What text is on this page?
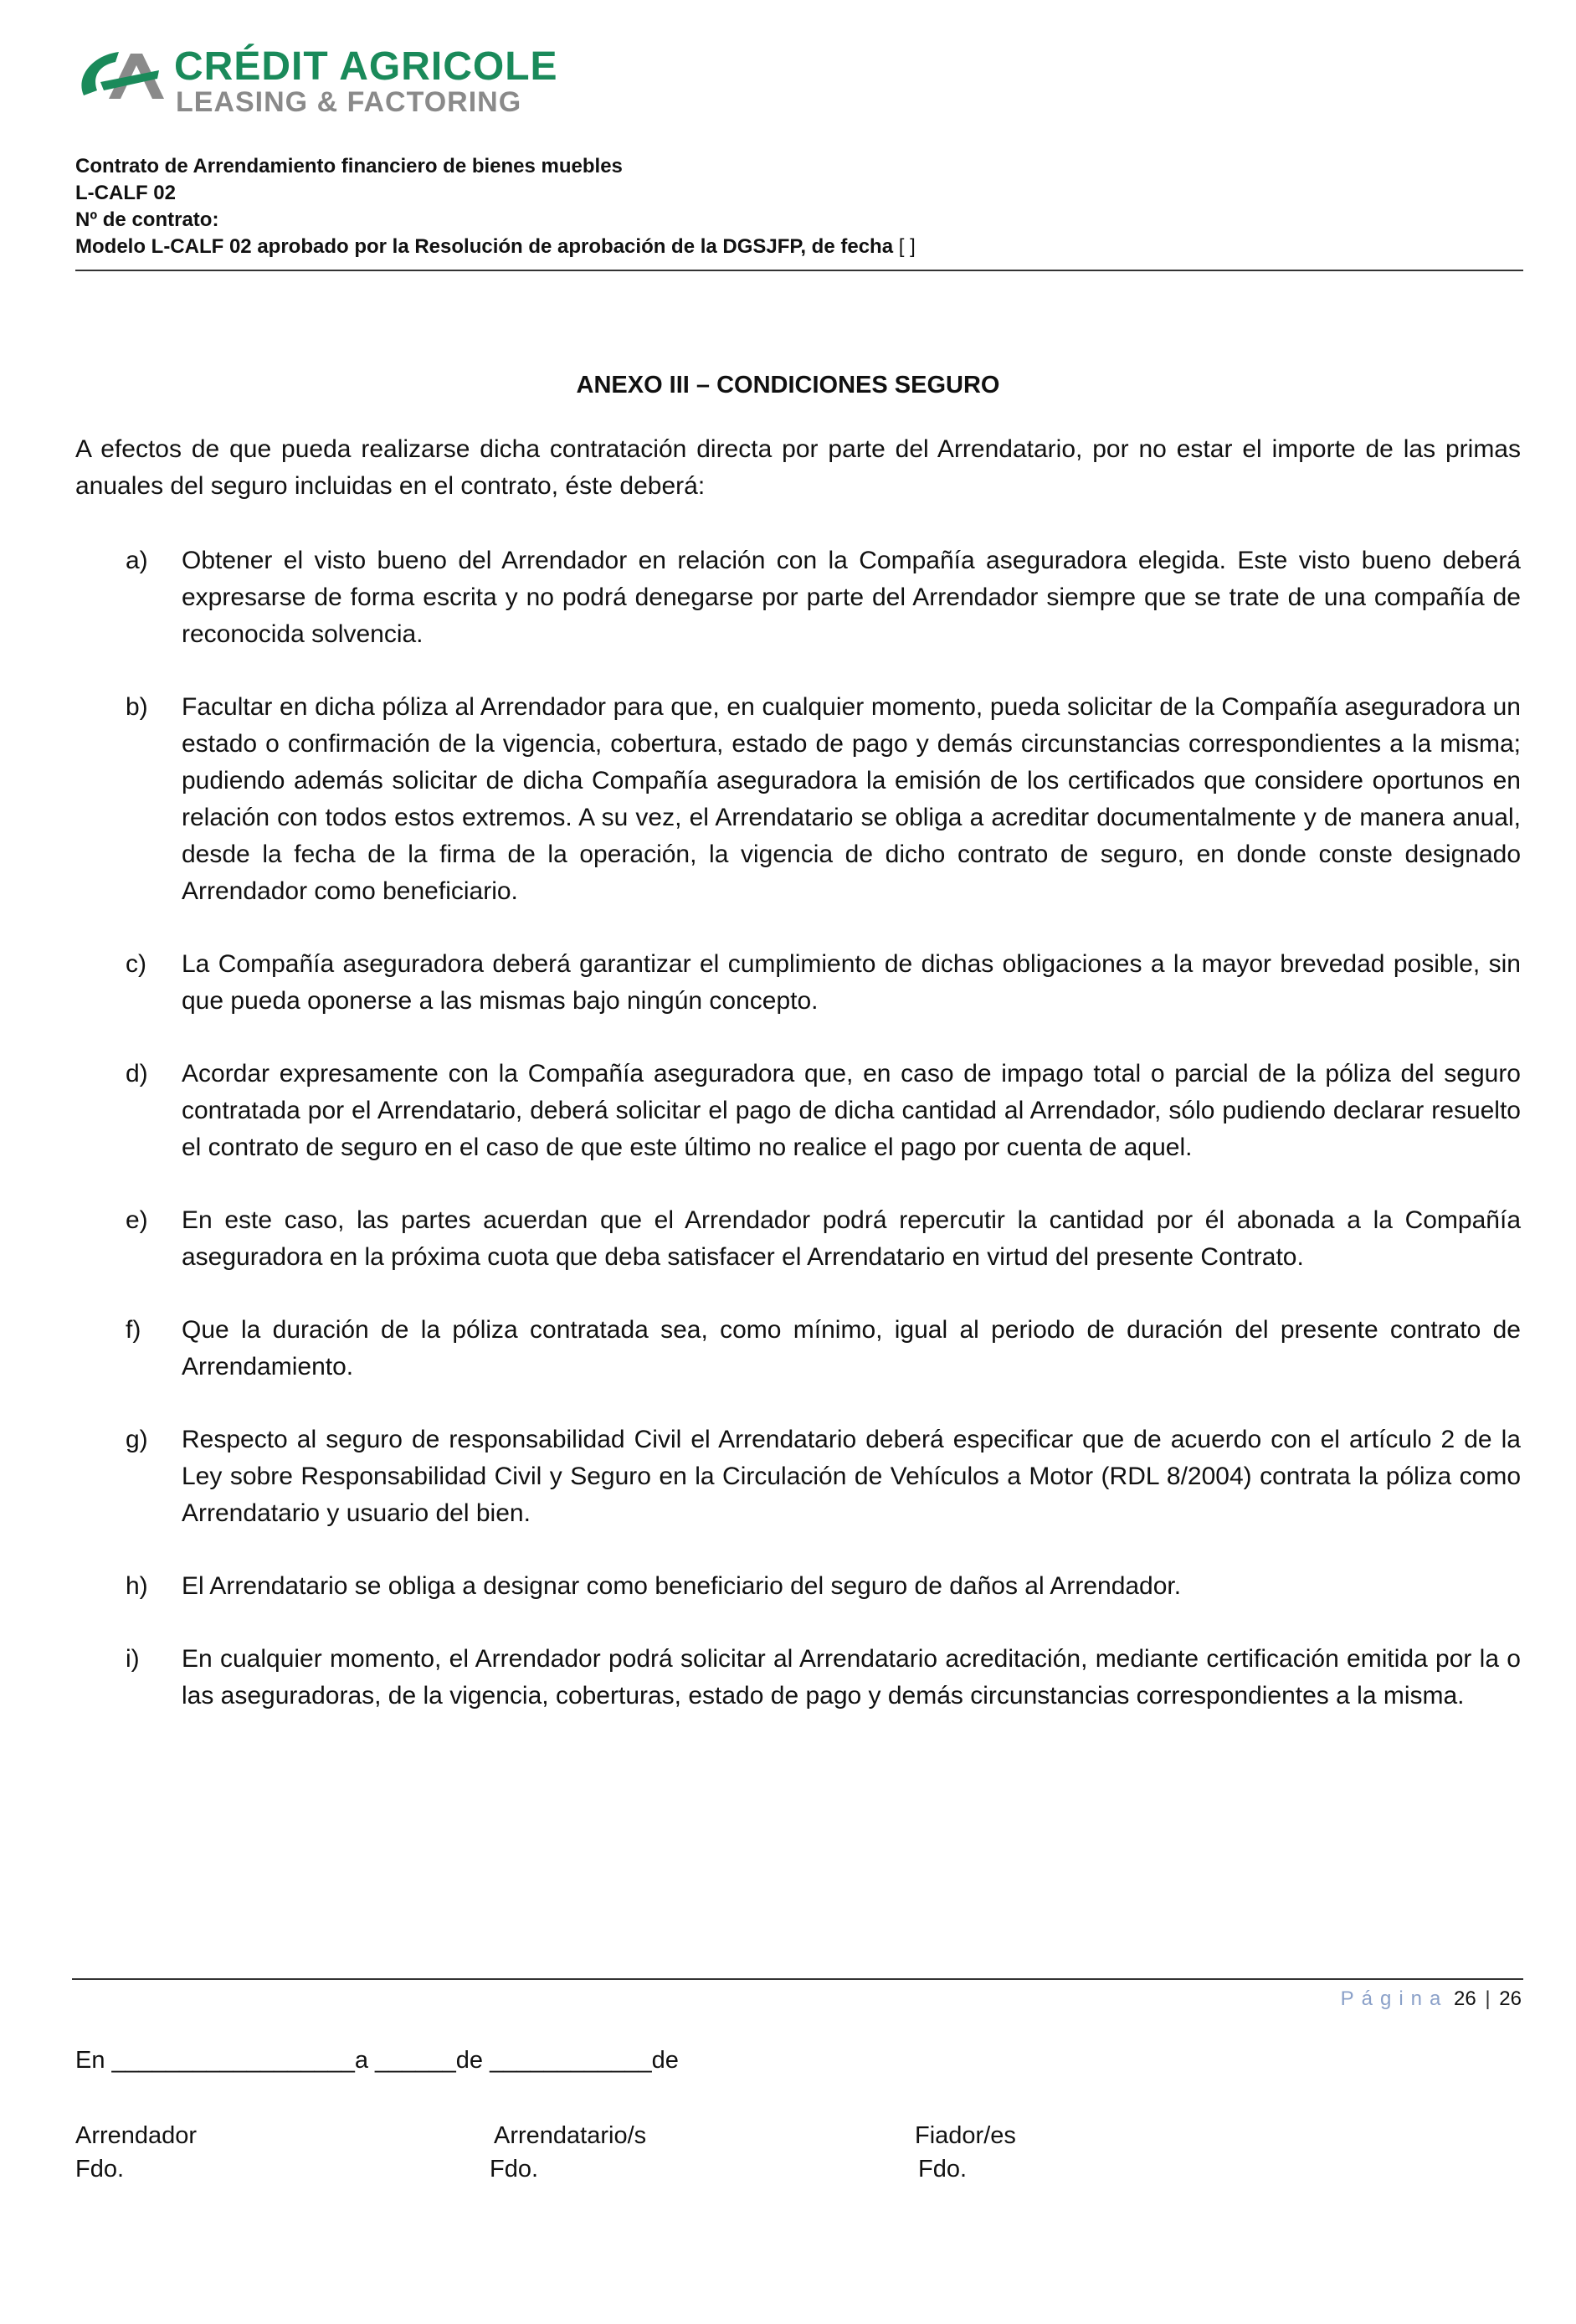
CRÉDIT AGRICOLE
LEASING & FACTORING
Contrato de Arrendamiento financiero de bienes muebles
L-CALF 02
Nº de contrato:
Modelo L-CALF 02 aprobado por la Resolución de aprobación de la DGSJFP, de fecha [ ]
ANEXO III – CONDICIONES SEGURO
A efectos de que pueda realizarse dicha contratación directa por parte del Arrendatario, por no estar el importe de las primas anuales del seguro incluidas en el contrato, éste deberá:
a) Obtener el visto bueno del Arrendador en relación con la Compañía aseguradora elegida. Este visto bueno deberá expresarse de forma escrita y no podrá denegarse por parte del Arrendador siempre que se trate de una compañía de reconocida solvencia.
b) Facultar en dicha póliza al Arrendador para que, en cualquier momento, pueda solicitar de la Compañía aseguradora un estado o confirmación de la vigencia, cobertura, estado de pago y demás circunstancias correspondientes a la misma; pudiendo además solicitar de dicha Compañía aseguradora la emisión de los certificados que considere oportunos en relación con todos estos extremos. A su vez, el Arrendatario se obliga a acreditar documentalmente y de manera anual, desde la fecha de la firma de la operación, la vigencia de dicho contrato de seguro, en donde conste designado Arrendador como beneficiario.
c) La Compañía aseguradora deberá garantizar el cumplimiento de dichas obligaciones a la mayor brevedad posible, sin que pueda oponerse a las mismas bajo ningún concepto.
d) Acordar expresamente con la Compañía aseguradora que, en caso de impago total o parcial de la póliza del seguro contratada por el Arrendatario, deberá solicitar el pago de dicha cantidad al Arrendador, sólo pudiendo declarar resuelto el contrato de seguro en el caso de que este último no realice el pago por cuenta de aquel.
e) En este caso, las partes acuerdan que el Arrendador podrá repercutir la cantidad por él abonada a la Compañía aseguradora en la próxima cuota que deba satisfacer el Arrendatario en virtud del presente Contrato.
f) Que la duración de la póliza contratada sea, como mínimo, igual al periodo de duración del presente contrato de Arrendamiento.
g) Respecto al seguro de responsabilidad Civil el Arrendatario deberá especificar que de acuerdo con el artículo 2 de la Ley sobre Responsabilidad Civil y Seguro en la Circulación de Vehículos a Motor (RDL 8/2004) contrata la póliza como Arrendatario y usuario del bien.
h) El Arrendatario se obliga a designar como beneficiario del seguro de daños al Arrendador.
i) En cualquier momento, el Arrendador podrá solicitar al Arrendatario acreditación, mediante certificación emitida por la o las aseguradoras, de la vigencia, coberturas, estado de pago y demás circunstancias correspondientes a la misma.
Página 26 | 26
En __________________a ______de ____________de
Arrendador
Fdo.
Arrendatario/s
Fdo.
Fiador/es
Fdo.
